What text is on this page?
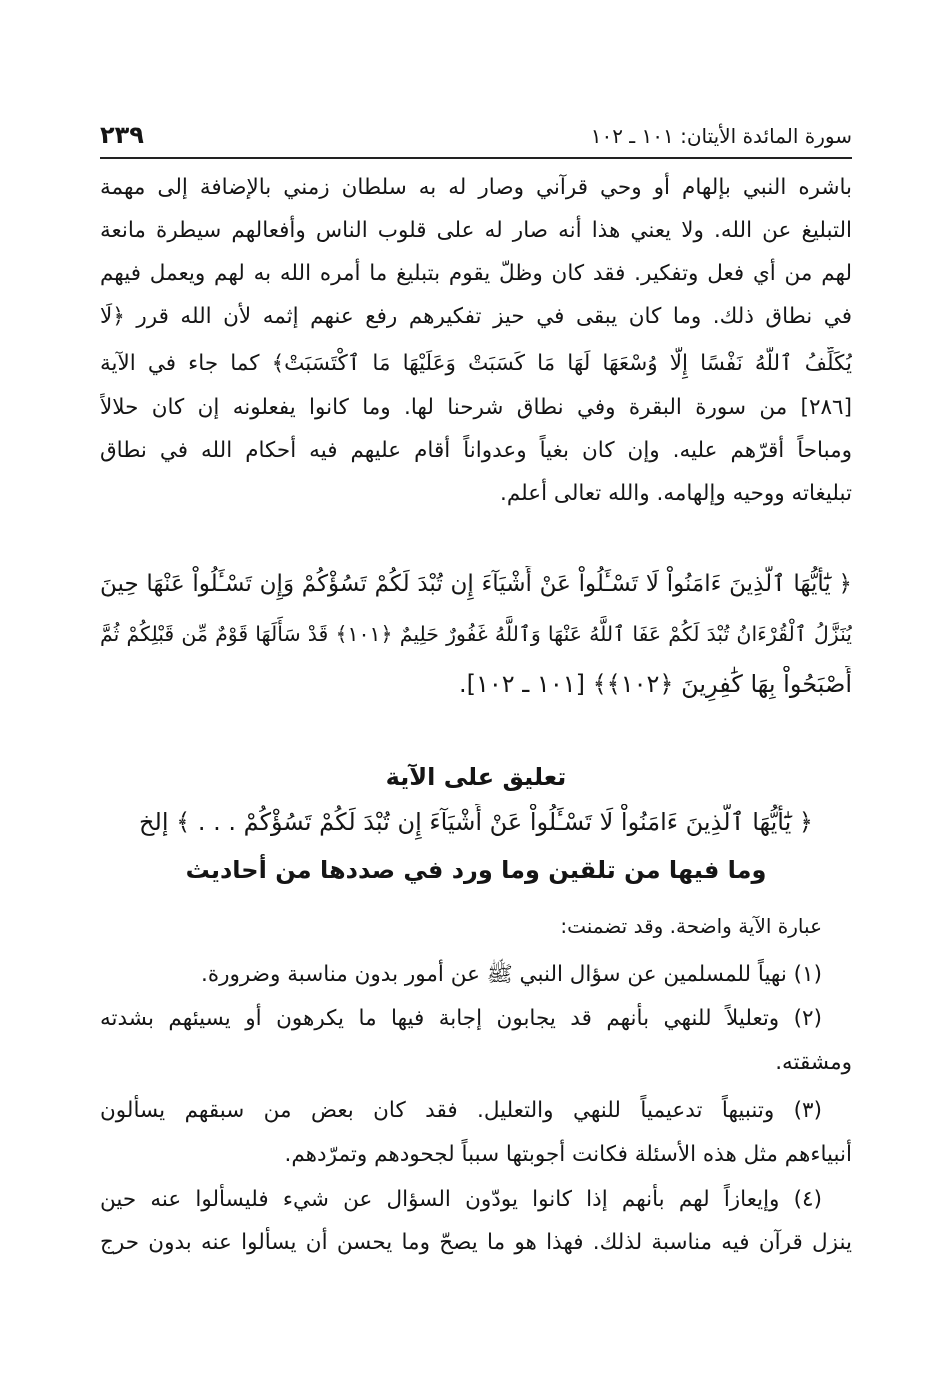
سورة المائدة الأيتان: ١٠١ ـ ١٠٢
٢٣٩
باشره النبي بإلهام أو وحي قرآني وصار له به سلطان زمني بالإضافة إلى مهمة
التبليغ عن الله. ولا يعني هذا أنه صار له على قلوب الناس وأفعالهم سيطرة مانعة
لهم من أي فعل وتفكير. فقد كان وظلّ يقوم بتبليغ ما أمره الله به لهم ويعمل فيهم
في نطاق ذلك. وما كان يبقى في حيز تفكيرهم رفع عنهم إثمه لأن الله قرر ﴿لَا
يُكَلِّفُ ٱللَّهُ نَفْسًا إِلَّا وُسْعَهَا لَهَا مَا كَسَبَتْ وَعَلَيْهَا مَا ٱكْتَسَبَتْ﴾ كما جاء في الآية
[٢٨٦] من سورة البقرة وفي نطاق شرحنا لها. وما كانوا يفعلونه إن كان حلالاً
ومباحاً أقرّهم عليه. وإن كان بغياً وعدواناً أقام عليهم فيه أحكام الله في نطاق
تبليغاته ووحيه وإلهامه. والله تعالى أعلم.
﴿ يَٰٓأَيُّهَا ٱلَّذِينَ ءَامَنُواْ لَا تَسْـَٔلُواْ عَنْ أَشْيَآءَ إِن تُبْدَ لَكُمْ تَسُؤْكُمْ وَإِن تَسْـَٔلُواْ عَنْهَا حِينَ
يُنَزَّلُ ٱلْقُرْءَانُ تُبْدَ لَكُمْ عَفَا ٱللَّهُ عَنْهَا وَٱللَّهُ غَفُورٌ حَلِيمٌ ﴿١٠١﴾ قَدْ سَأَلَهَا قَوْمٌ مِّن قَبْلِكُمْ ثُمَّ
أَصْبَحُواْ بِهَا كَٰفِرِينَ ﴿١٠٢﴾﴾ [١٠١ ـ ١٠٢].
تعليق على الآية
﴿ يَٰٓأَيُّهَا ٱلَّذِينَ ءَامَنُواْ لَا تَسْـَٔلُواْ عَنْ أَشْيَآءَ إِن تُبْدَ لَكُمْ تَسُؤْكُمْ . . . ﴾ إلخ
وما فيها من تلقين وما ورد في صددها من أحاديث
عبارة الآية واضحة. وقد تضمنت:
(١) نهياً للمسلمين عن سؤال النبي ﷺ عن أمور بدون مناسبة وضرورة.
(٢) وتعليلاً للنهي بأنهم قد يجابون إجابة فيها ما يكرهون أو يسيئهم بشدته
ومشقته.
(٣) وتنبيهاً تدعيمياً للنهي والتعليل. فقد كان بعض من سبقهم يسألون
أنبياءهم مثل هذه الأسئلة فكانت أجوبتها سبباً لجحودهم وتمرّدهم.
(٤) وإيعازاً لهم بأنهم إذا كانوا يودّون السؤال عن شيء فليسألوا عنه حين
ينزل قرآن فيه مناسبة لذلك. فهذا هو ما يصحّ وما يحسن أن يسألوا عنه بدون حرج
